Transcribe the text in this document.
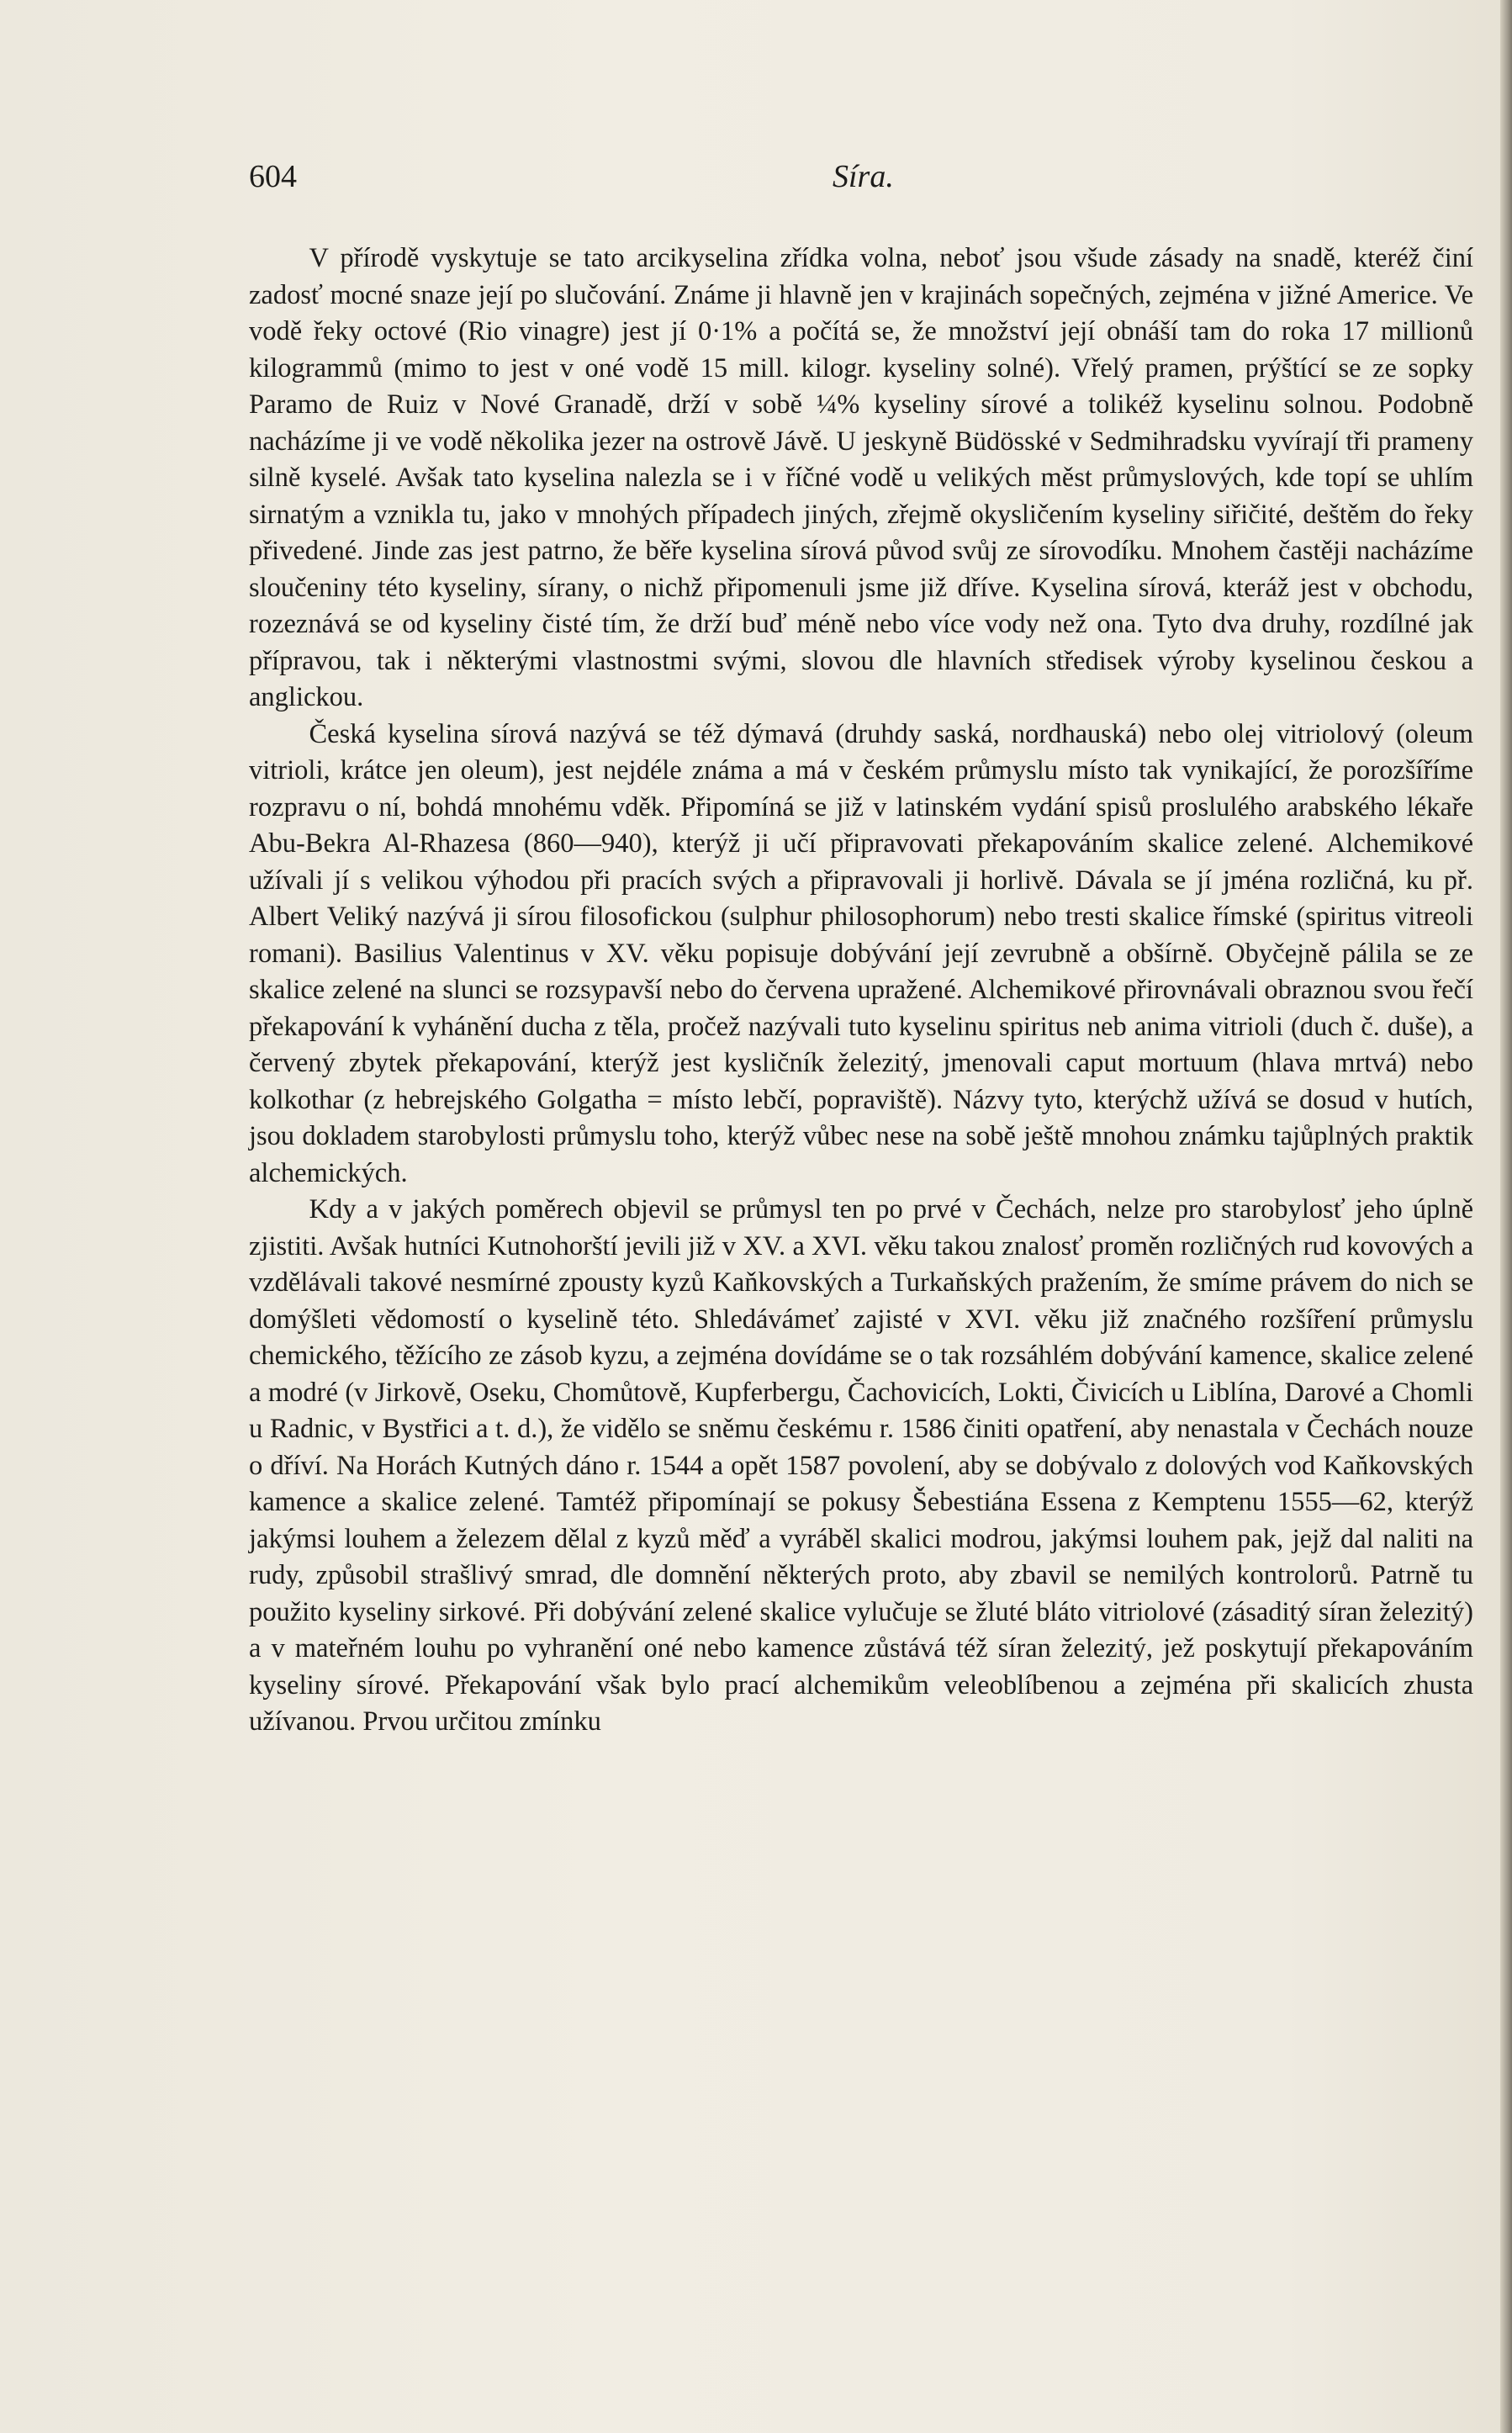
604	Síra.

V přírodě vyskytuje se tato arcikyselina zřídka volna, neboť jsou všude zásady na snadě, kteréž činí zadosť mocné snaze její po slučování. Známe ji hlavně jen v krajinách sopečných, zejména v jižné Americe. Ve vodě řeky octové (Rio vinagre) jest jí 0·1% a počítá se, že množství její obnáší tam do roka 17 millionů kilogrammů (mimo to jest v oné vodě 15 mill. kilogr. kyseliny solné). Vřelý pramen, prýštící se ze sopky Paramo de Ruiz v Nové Granadě, drží v sobě ¼% kyseliny sírové a tolikéž kyselinu solnou. Podobně nacházíme ji ve vodě několika jezer na ostrově Jávě. U jeskyně Büdösské v Sedmihradsku vyvírají tři prameny silně kyselé. Avšak tato kyselina nalezla se i v říčné vodě u velikých měst průmyslových, kde topí se uhlím sirnatým a vznikla tu, jako v mnohých případech jiných, zřejmě okysličením kyseliny siřičité, deštěm do řeky přivedené. Jinde zas jest patrno, že běře kyselina sírová původ svůj ze sírovodíku. Mnohem častěji nacházíme sloučeniny této kyseliny, sírany, o nichž připomenuli jsme již dříve. Kyselina sírová, kteráž jest v obchodu, rozeznává se od kyseliny čisté tím, že drží buď méně nebo více vody než ona. Tyto dva druhy, rozdílné jak přípravou, tak i některými vlastnostmi svými, slovou dle hlavních středisek výroby kyselinou českou a anglickou.

Česká kyselina sírová nazývá se též dýmavá (druhdy saská, nordhauská) nebo olej vitriolový (oleum vitrioli, krátce jen oleum), jest nejdéle známa a má v českém průmyslu místo tak vynikající, že porozšíříme rozpravu o ní, bohdá mnohému vděk. Připomíná se již v latinském vydání spisů proslulého arabského lékaře Abu-Bekra Al-Rhazesa (860—940), kterýž ji učí připravovati překapováním skalice zelené. Alchemikové užívali jí s velikou výhodou při pracích svých a připravovali ji horlivě. Dávala se jí jména rozličná, ku př. Albert Veliký nazývá ji sírou filosofickou (sulphur philosophorum) nebo tresti skalice římské (spiritus vitreoli romani). Basilius Valentinus v XV. věku popisuje dobývání její zevrubně a obšírně. Obyčejně pálila se ze skalice zelené na slunci se rozsypavší nebo do červena upražené. Alchemikové přirovnávali obraznou svou řečí překapování k vyhánění ducha z těla, pročež nazývali tuto kyselinu spiritus neb anima vitrioli (duch č. duše), a červený zbytek překapování, kterýž jest kysličník železitý, jmenovali caput mortuum (hlava mrtvá) nebo kolkothar (z hebrejského Golgatha = místo lebčí, popraviště). Názvy tyto, kterýchž užívá se dosud v hutích, jsou dokladem starobylosti průmyslu toho, kterýž vůbec nese na sobě ještě mnohou známku tajůplných praktik alchemických.

Kdy a v jakých poměrech objevil se průmysl ten po prvé v Čechách, nelze pro starobylosť jeho úplně zjistiti. Avšak hutníci Kutnohorští jevili již v XV. a XVI. věku takou znalosť proměn rozličných rud kovových a vzdělávali takové nesmírné zpousty kyzů Kaňkovských a Turkaňských pražením, že smíme právem do nich se domýšleti vědomostí o kyselině této. Shledávámeť zajisté v XVI. věku již značného rozšíření průmyslu chemického, těžícího ze zásob kyzu, a zejména dovídáme se o tak rozsáhlém dobývání kamence, skalice zelené a modré (v Jirkově, Oseku, Chomůtově, Kupferbergu, Čachovicích, Lokti, Čivicích u Liblína, Darové a Chomli u Radnic, v Bystřici a t. d.), že vidělo se sněmu českému r. 1586 činiti opatření, aby nenastala v Čechách nouze o dříví. Na Horách Kutných dáno r. 1544 a opět 1587 povolení, aby se dobývalo z dolových vod Kaňkovských kamence a skalice zelené. Tamtéž připomínají se pokusy Šebestiána Essena z Kemptenu 1555—62, kterýž jakýmsi louhem a železem dělal z kyzů měď a vyráběl skalici modrou, jakýmsi louhem pak, jejž dal naliti na rudy, způsobil strašlivý smrad, dle domnění některých proto, aby zbavil se nemilých kontrolorů. Patrně tu použito kyseliny sirkové. Při dobývání zelené skalice vylučuje se žluté bláto vitriolové (zásaditý síran železitý) a v mateřném louhu po vyhranění oné nebo kamence zůstává též síran železitý, jež poskytují překapováním kyseliny sírové. Překapování však bylo prací alchemikům veleoblíbenou a zejména při skalicích zhusta užívanou. Prvou určitou zmínku
